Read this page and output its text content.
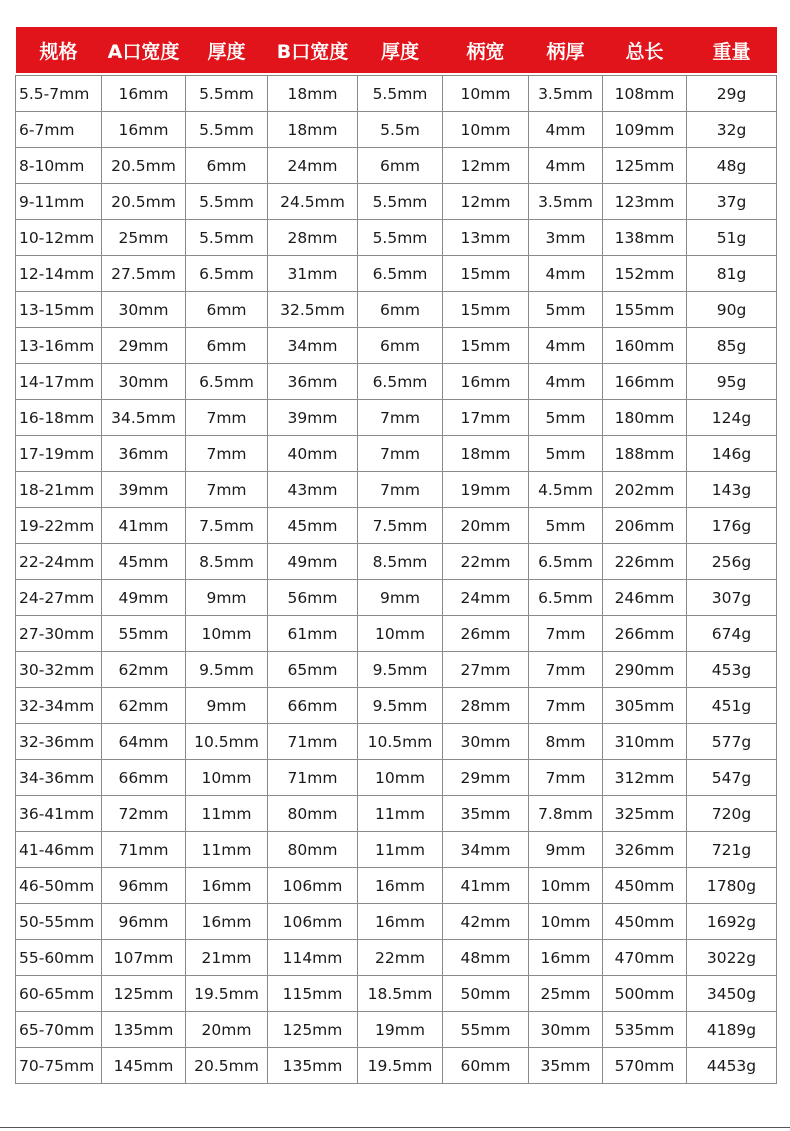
规格	A口宽度	厚度	B口宽度	厚度	柄宽	柄厚	总长	重量

5.5-7mm	16mm	5.5mm	18mm	5.5mm	10mm	3.5mm	108mm	29g
6-7mm	16mm	5.5mm	18mm	5.5m	10mm	4mm	109mm	32g
8-10mm	20.5mm	6mm	24mm	6mm	12mm	4mm	125mm	48g
9-11mm	20.5mm	5.5mm	24.5mm	5.5mm	12mm	3.5mm	123mm	37g
10-12mm	25mm	5.5mm	28mm	5.5mm	13mm	3mm	138mm	51g
12-14mm	27.5mm	6.5mm	31mm	6.5mm	15mm	4mm	152mm	81g
13-15mm	30mm	6mm	32.5mm	6mm	15mm	5mm	155mm	90g
13-16mm	29mm	6mm	34mm	6mm	15mm	4mm	160mm	85g
14-17mm	30mm	6.5mm	36mm	6.5mm	16mm	4mm	166mm	95g
16-18mm	34.5mm	7mm	39mm	7mm	17mm	5mm	180mm	124g
17-19mm	36mm	7mm	40mm	7mm	18mm	5mm	188mm	146g
18-21mm	39mm	7mm	43mm	7mm	19mm	4.5mm	202mm	143g
19-22mm	41mm	7.5mm	45mm	7.5mm	20mm	5mm	206mm	176g
22-24mm	45mm	8.5mm	49mm	8.5mm	22mm	6.5mm	226mm	256g
24-27mm	49mm	9mm	56mm	9mm	24mm	6.5mm	246mm	307g
27-30mm	55mm	10mm	61mm	10mm	26mm	7mm	266mm	674g
30-32mm	62mm	9.5mm	65mm	9.5mm	27mm	7mm	290mm	453g
32-34mm	62mm	9mm	66mm	9.5mm	28mm	7mm	305mm	451g
32-36mm	64mm	10.5mm	71mm	10.5mm	30mm	8mm	310mm	577g
34-36mm	66mm	10mm	71mm	10mm	29mm	7mm	312mm	547g
36-41mm	72mm	11mm	80mm	11mm	35mm	7.8mm	325mm	720g
41-46mm	71mm	11mm	80mm	11mm	34mm	9mm	326mm	721g
46-50mm	96mm	16mm	106mm	16mm	41mm	10mm	450mm	1780g
50-55mm	96mm	16mm	106mm	16mm	42mm	10mm	450mm	1692g
55-60mm	107mm	21mm	114mm	22mm	48mm	16mm	470mm	3022g
60-65mm	125mm	19.5mm	115mm	18.5mm	50mm	25mm	500mm	3450g
65-70mm	135mm	20mm	125mm	19mm	55mm	30mm	535mm	4189g
70-75mm	145mm	20.5mm	135mm	19.5mm	60mm	35mm	570mm	4453g
